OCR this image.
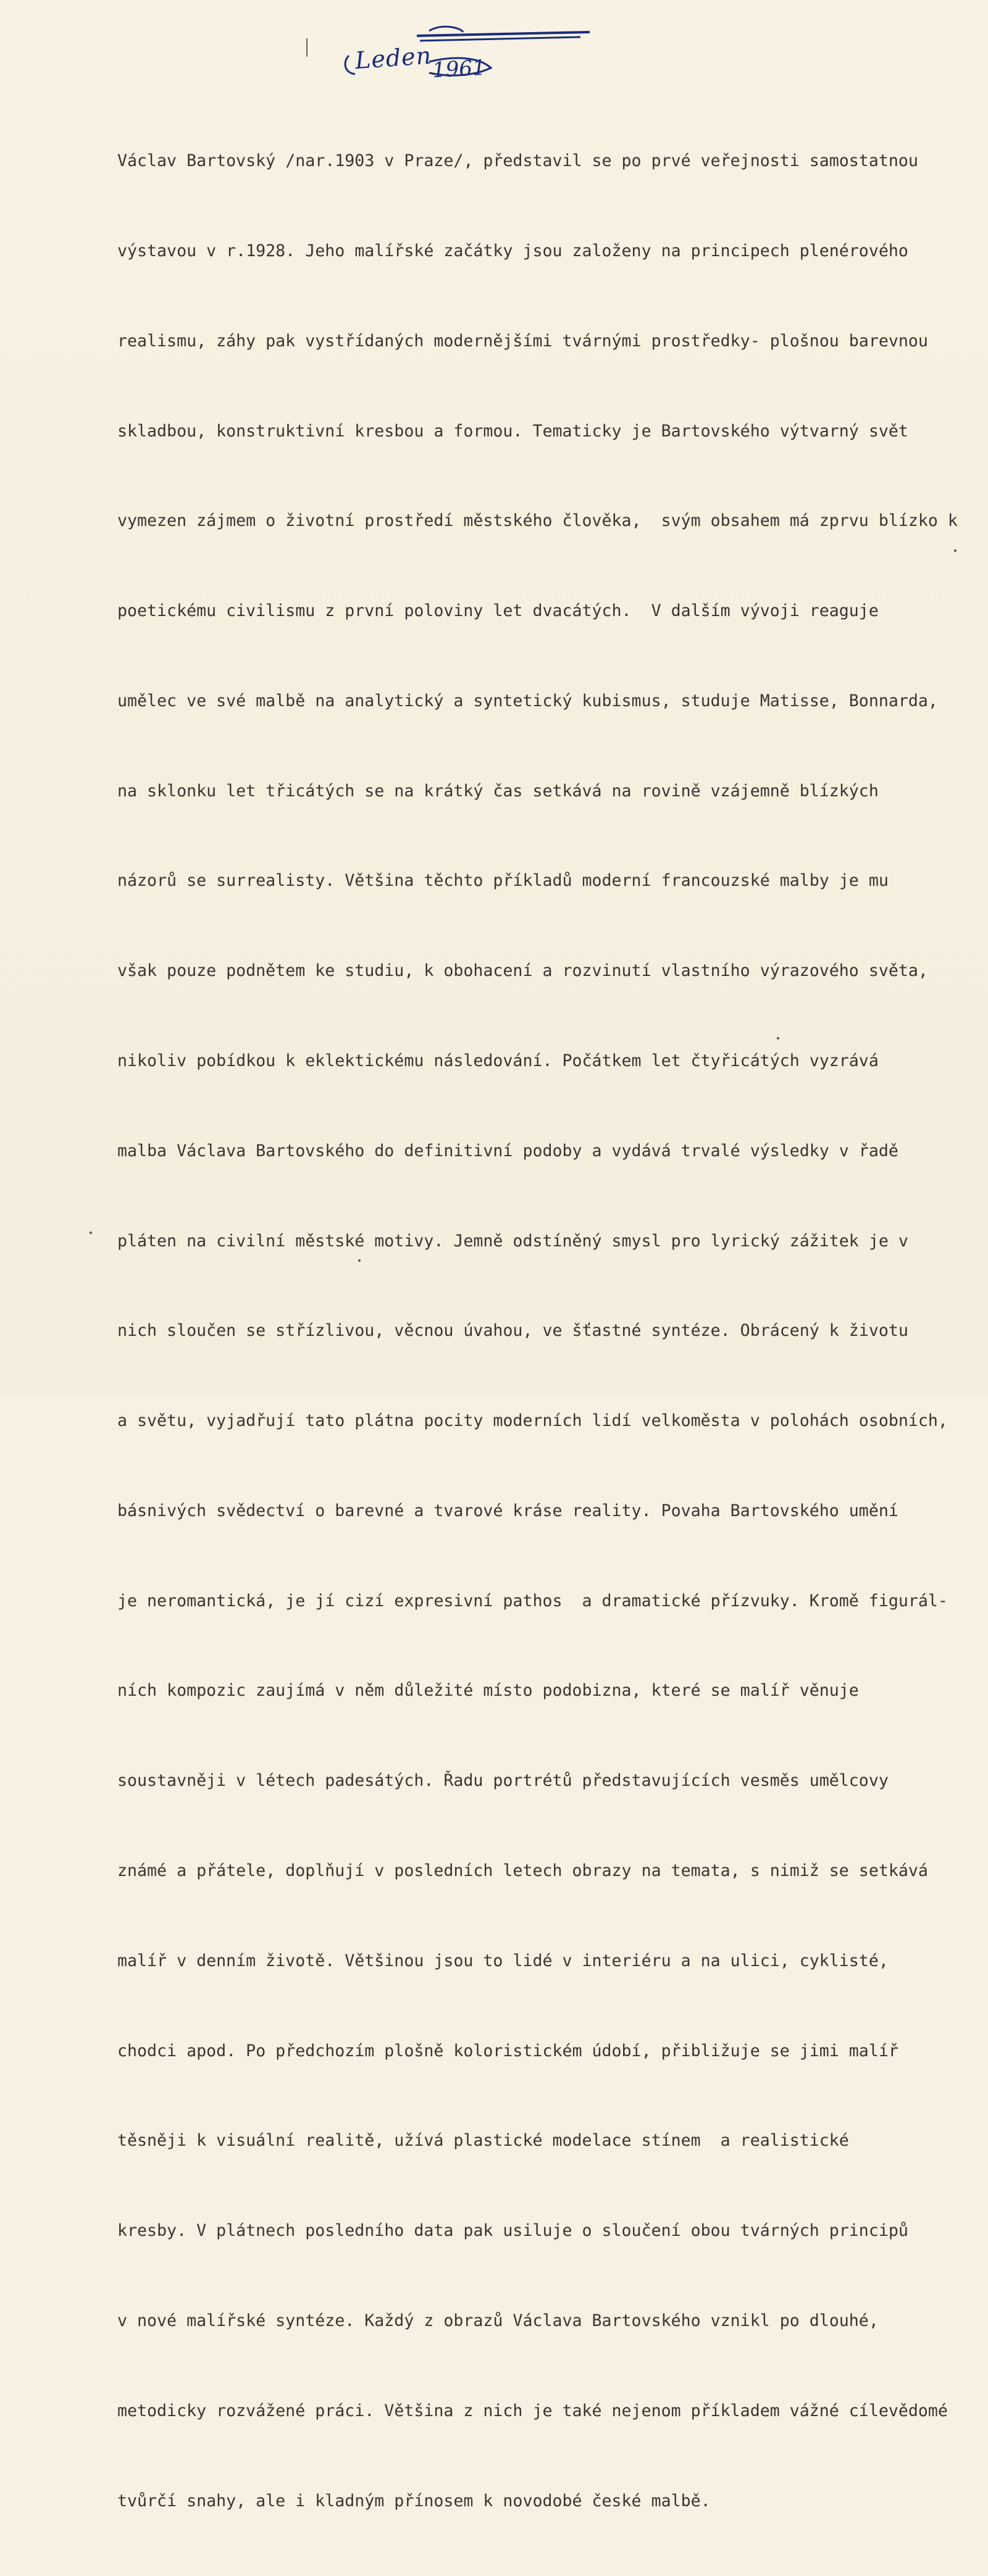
Leden
1961

Václav Bartovský /nar.1903 v Praze/, představil se po prvé veřejnosti samostatnou

výstavou v r.1928. Jeho malířské začátky jsou založeny na principech plenérového

realismu, záhy pak vystřídaných modernějšími tvárnými prostředky- plošnou barevnou

skladbou, konstruktivní kresbou a formou. Tematicky je Bartovského výtvarný svět

vymezen zájmem o životní prostředí městského člověka,  svým obsahem má zprvu blízko k

poetickému civilismu z první poloviny let dvacátých.  V dalším vývoji reaguje

umělec ve své malbě na analytický a syntetický kubismus, studuje Matisse, Bonnarda,

na sklonku let třicátých se na krátký čas setkává na rovině vzájemně blízkých

názorů se surrealisty. Většina těchto příkladů moderní francouzské malby je mu

však pouze podnětem ke studiu, k obohacení a rozvinutí vlastního výrazového světa,

nikoliv pobídkou k eklektickému následování. Počátkem let čtyřicátých vyzrává

malba Václava Bartovského do definitivní podoby a vydává trvalé výsledky v řadě

pláten na civilní městské motivy. Jemně odstíněný smysl pro lyrický zážitek je v

nich sloučen se střízlivou, věcnou úvahou, ve šťastné syntéze. Obrácený k životu

a světu, vyjadřují tato plátna pocity moderních lidí velkoměsta v polohách osobních,

básnivých svědectví o barevné a tvarové kráse reality. Povaha Bartovského umění

je neromantická, je jí cizí expresivní pathos  a dramatické přízvuky. Kromě figurál-

ních kompozic zaujímá v něm důležité místo podobizna, které se malíř věnuje

soustavněji v létech padesátých. Řadu portrétů představujících vesměs umělcovy

známé a přátele, doplňují v posledních letech obrazy na temata, s nimiž se setkává

malíř v denním životě. Většinou jsou to lidé v interiéru a na ulici, cyklisté,

chodci apod. Po předchozím plošně koloristickém údobí, přibližuje se jimi malíř

těsněji k visuální realitě, užívá plastické modelace stínem  a realistické

kresby. V plátnech posledního data pak usiluje o sloučení obou tvárných principů

v nové malířské syntéze. Každý z obrazů Václava Bartovského vznikl po dlouhé,

metodicky rozvážené práci. Většina z nich je také nejenom příkladem vážné cílevědomé

tvůrčí snahy, ale i kladným přínosem k novodobé české malbě.
